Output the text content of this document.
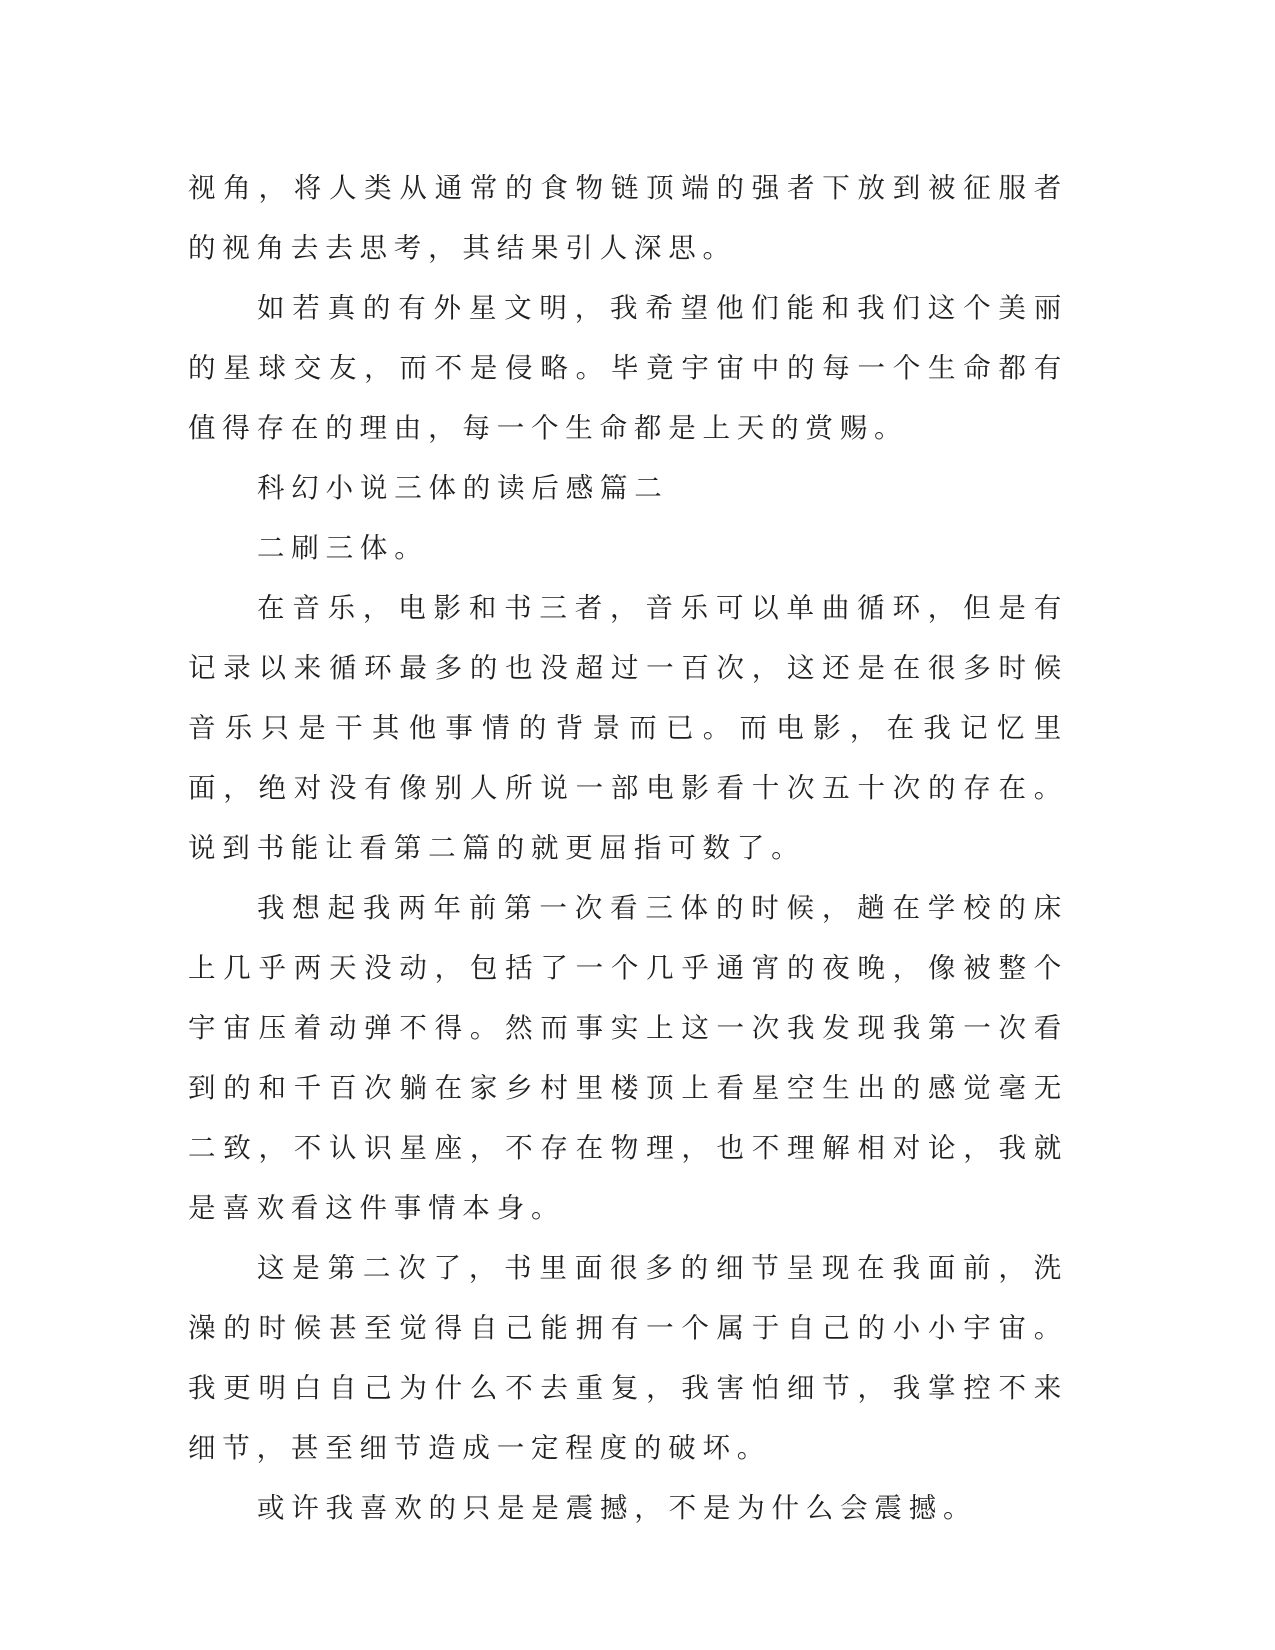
视角，将人类从通常的食物链顶端的强者下放到被征服者的视角去去思考，其结果引人深思。

如若真的有外星文明，我希望他们能和我们这个美丽的星球交友，而不是侵略。毕竟宇宙中的每一个生命都有值得存在的理由，每一个生命都是上天的赏赐。

科幻小说三体的读后感篇二

二刷三体。

在音乐，电影和书三者，音乐可以单曲循环，但是有记录以来循环最多的也没超过一百次，这还是在很多时候音乐只是干其他事情的背景而已。而电影，在我记忆里面，绝对没有像别人所说一部电影看十次五十次的存在。说到书能让看第二篇的就更屈指可数了。

我想起我两年前第一次看三体的时候，趟在学校的床上几乎两天没动，包括了一个几乎通宵的夜晚，像被整个宇宙压着动弹不得。然而事实上这一次我发现我第一次看到的和千百次躺在家乡村里楼顶上看星空生出的感觉毫无二致，不认识星座，不存在物理，也不理解相对论，我就是喜欢看这件事情本身。

这是第二次了，书里面很多的细节呈现在我面前，洗澡的时候甚至觉得自己能拥有一个属于自己的小小宇宙。我更明白自己为什么不去重复，我害怕细节，我掌控不来细节，甚至细节造成一定程度的破坏。

或许我喜欢的只是是震撼，不是为什么会震撼。
